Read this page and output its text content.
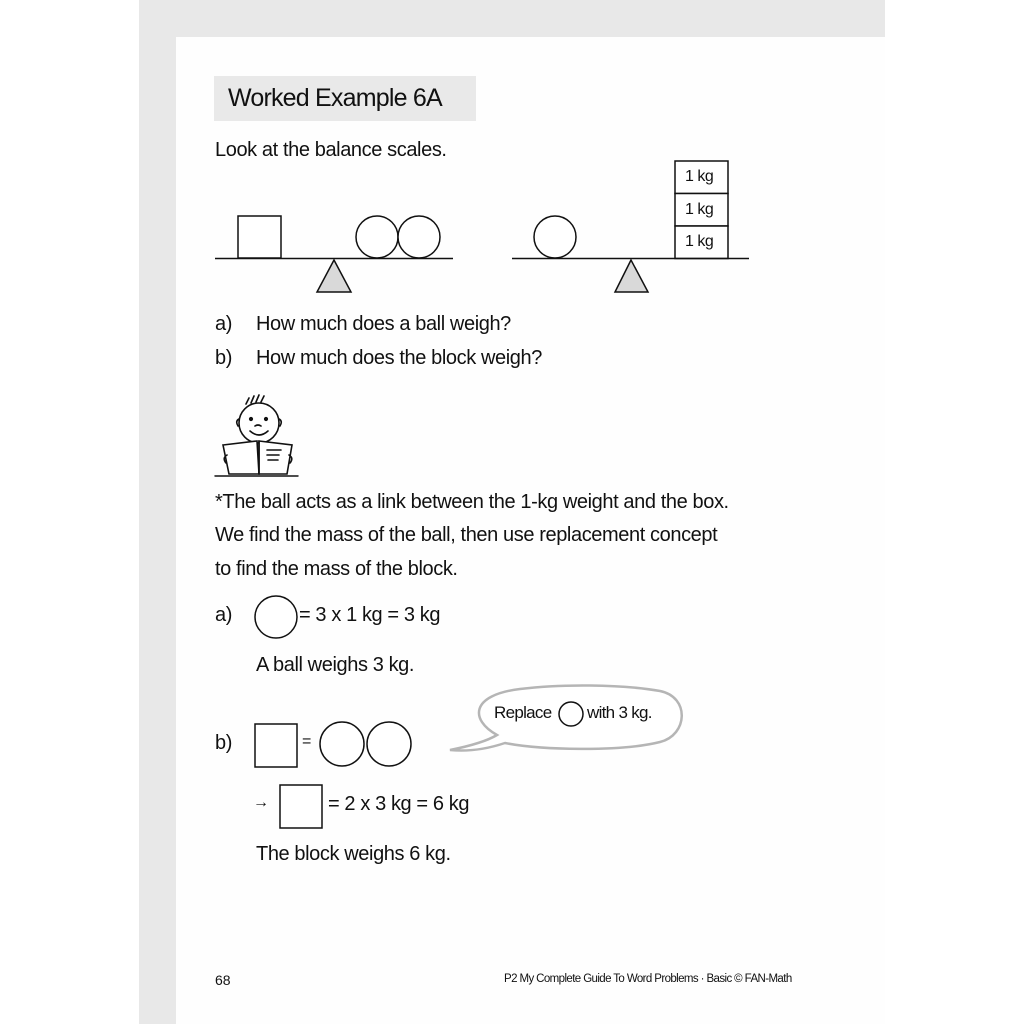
Worked Example 6A
Look at the balance scales.
1 kg
1 kg
1 kg
a) How much does a ball weigh?
b) How much does the block weigh?
*The ball acts as a link between the 1-kg weight and the box.
We find the mass of the ball, then use replacement concept
to find the mass of the block.
a)	= 3 x 1 kg = 3 kg
A ball weighs 3 kg.
Replace with 3 kg.
b)	=
→	= 2 x 3 kg = 6 kg
The block weighs 6 kg.
68	P2 My Complete Guide To Word Problems · Basic © FAN-Math
